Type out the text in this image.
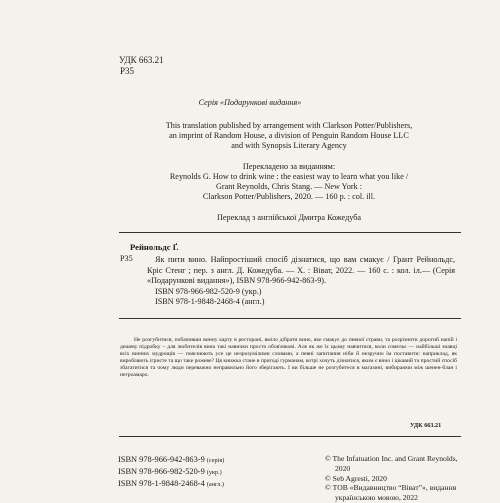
УДК 663.21
Р35
Серія «Подарункові видання»
This translation published by arrangement with Clarkson Potter/Publishers,
an imprint of Random House, a division of Penguin Random House LLC
and with Synopsis Literary Agency
Перекладено за виданням:
Reynolds G. How to drink wine : the easiest way to learn what you like /
Grant Reynolds, Chris Stang. — New York :
Clarkson Potter/Publishers, 2020. — 160 p. : col. ill.
Переклад з англійської Дмитра Кожедуба
Рейнольдс Ґ.
Р35	Як пити вино. Найпростіший спосіб дізнатися, що вам смакує / Грант Рейнольдс, Кріс Стенг ; пер. з англ. Д. Кожедуба. — Х. : Віват, 2022. — 160 с. : кол. іл.— (Серія «Подарункові видання»), ISBN 978-966-942-863-9).
ISBN 978-966-982-520-9 (укр.)
ISBN 978-1-9848-2468-4 (англ.)
Не розгубитися, побачивши винну карту в ресторані, вміло дібрати вино, яке смакує до певної страви, та розрізнити дорогий напій і дешеву підробку – для любителів вина такі навички просто обов'язкові. Але як же їх цьому навчитися, коли сомельє — найбільші знавці всіх винних мудрощів — пояснюють усе це незрозумілими словами, а певні запитання ніби й незручно їм поставити: наприклад, як виробляють ігристе та що таке рожеве? Ця книжка стане в пригоді гурманам, котрі хочуть дізнатися, яким є вино і цікавий та простий спосіб збагатитися та чому люди переважно неправильно його зберігають. І ви більше не розгубитеся в магазині, вибираючи між шенен-блан і негроамаро.
УДК 663.21
ISBN 978-966-942-863-9 (серія)
ISBN 978-966-982-520-9 (укр.)
ISBN 978-1-9848-2468-4 (англ.)
© The Infatuation Inc. and Grant Reynolds, 2020
© Seb Agresti, 2020
© ТОВ «Видавництво “Віват”», видання українською мовою, 2022
